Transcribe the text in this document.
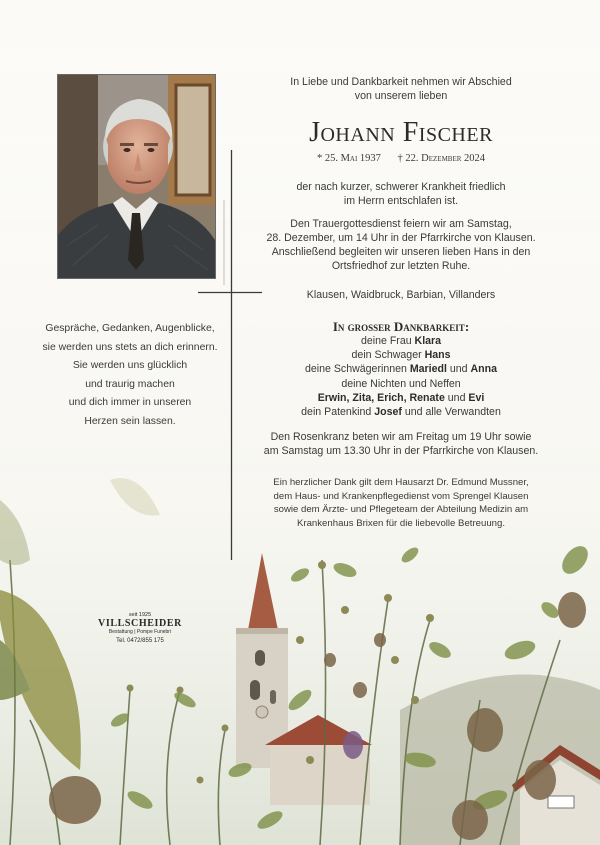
In Liebe und Dankbarkeit nehmen wir Abschied
von unserem lieben
Johann Fischer
* 25. Mai 1937 † 22. Dezember 2024
der nach kurzer, schwerer Krankheit friedlich
im Herrn entschlafen ist.
Den Trauergottesdienst feiern wir am Samstag,
28. Dezember, um 14 Uhr in der Pfarrkirche von Klausen.
Anschließend begleiten wir unseren lieben Hans in den
Ortsfriedhof zur letzten Ruhe.
Klausen, Waidbruck, Barbian, Villanders
In großer Dankbarkeit:
deine Frau Klara
dein Schwager Hans
deine Schwägerinnen Mariedl und Anna
deine Nichten und Neffen
Erwin, Zita, Erich, Renate und Evi
dein Patenkind Josef und alle Verwandten
Den Rosenkranz beten wir am Freitag um 19 Uhr sowie
am Samstag um 13.30 Uhr in der Pfarrkirche von Klausen.
Ein herzlicher Dank gilt dem Hausarzt Dr. Edmund Mussner,
dem Haus- und Krankenpflegedienst vom Sprengel Klausen
sowie dem Ärzte- und Pflegeteam der Abteilung Medizin am
Krankenhaus Brixen für die liebevolle Betreuung.
Gespräche, Gedanken, Augenblicke,
sie werden uns stets an dich erinnern.
Sie werden uns glücklich
und traurig machen
und dich immer in unseren
Herzen sein lassen.
seit 1925
VILLSCHEIDER
Bestattung | Pompe Funebri
Tel. 0472/855 175
